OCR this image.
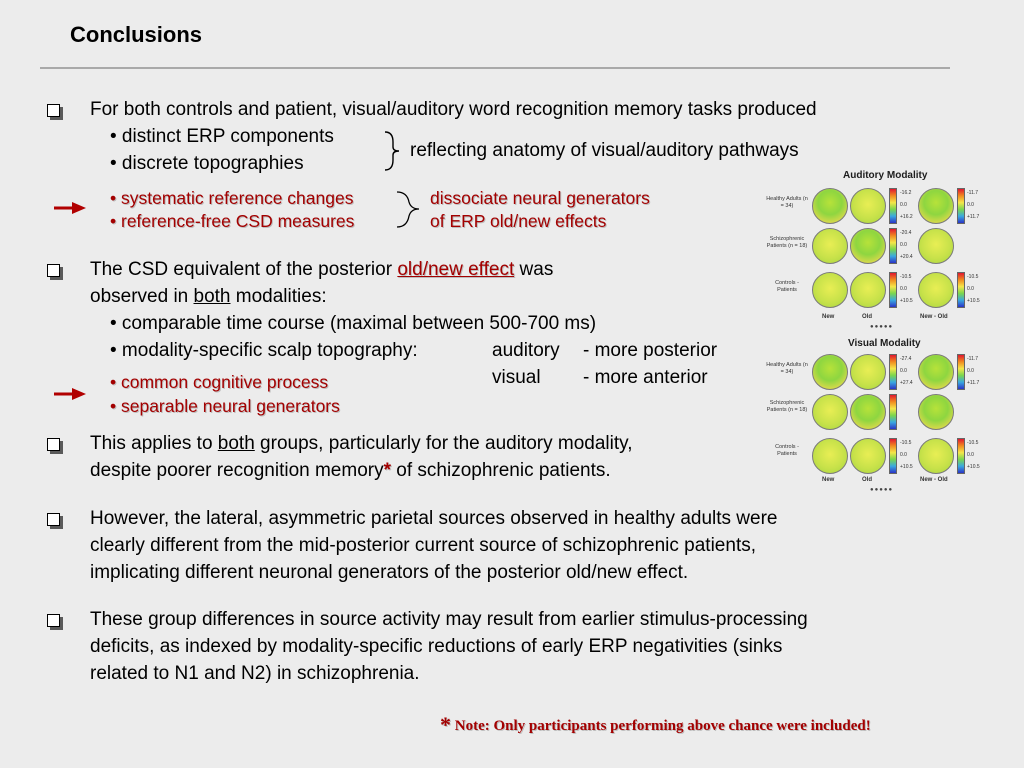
Conclusions
For both controls and patient, visual/auditory word recognition memory tasks produced
• distinct ERP components
• discrete topographies
reflecting anatomy of visual/auditory pathways
• systematic reference changes
• reference-free CSD measures
dissociate neural generators
of ERP old/new effects
The CSD equivalent of the posterior old/new effect was
observed in both modalities:
• comparable time course (maximal between 500-700 ms)
• modality-specific scalp topography:	auditory - more posterior
visual - more anterior
• common cognitive process
• separable neural generators
This applies to both groups, particularly for the auditory modality,
despite poorer recognition memory* of schizophrenic patients.
However, the lateral, asymmetric parietal sources observed in healthy adults were
clearly different from the mid-posterior current source of schizophrenic patients,
implicating different neuronal generators of the posterior old/new effect.
These group differences in source activity may result from earlier stimulus-processing
deficits, as indexed by modality-specific reductions of early ERP negativities (sinks
related to N1 and N2) in schizophrenia.
* Note: Only participants performing above chance were included!
Auditory Modality
Healthy Adults (n = 34)
Schizophrenic Patients (n = 18)
Controls - Patients
-16.2
0.0
+16.2
-11.7
0.0
+11.7
-20.4
0.0
+20.4
-10.5
0.0
+10.5
-10.5
0.0
+10.5
New	Old	New - Old
●●●●●
Visual Modality
Healthy Adults (n = 34)
Schizophrenic Patients (n = 18)
Controls - Patients
-27.4
0.0
+27.4
-11.7
0.0
+11.7
-10.5
0.0
+10.5
-10.5
0.0
+10.5
New	Old	New - Old
●●●●●
